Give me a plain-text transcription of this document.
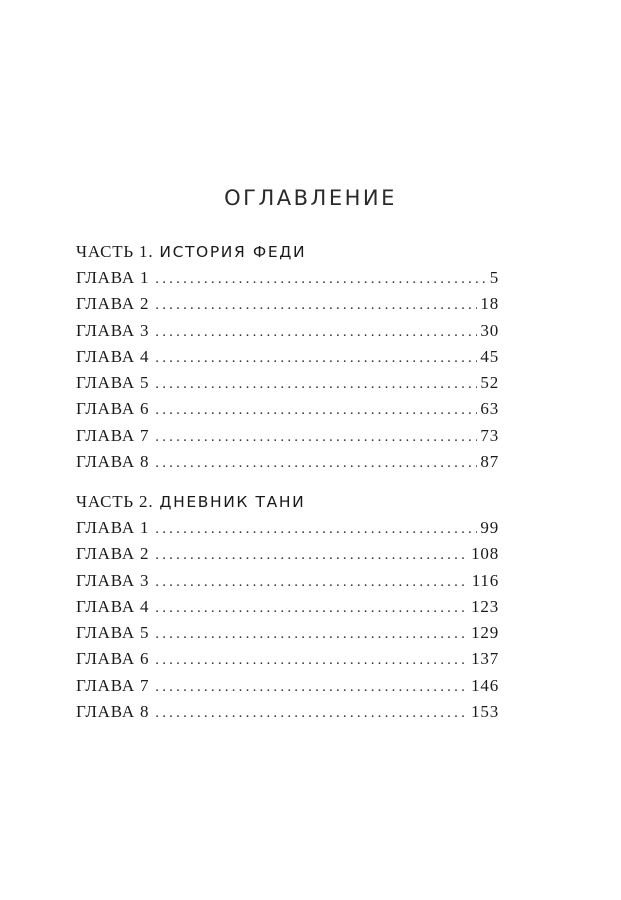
ОГЛАВЛЕНИЕ
ЧАСТЬ 1. ИСТОРИЯ ФЕДИ
ГЛАВА 1 .....	5
ГЛАВА 2 .....	18
ГЛАВА 3 .....	30
ГЛАВА 4 .....	45
ГЛАВА 5 .....	52
ГЛАВА 6 .....	63
ГЛАВА 7 .....	73
ГЛАВА 8 .....	87
ЧАСТЬ 2. ДНЕВНИК ТАНИ
ГЛАВА 1 .....	99
ГЛАВА 2 .....	108
ГЛАВА 3 .....	116
ГЛАВА 4 .....	123
ГЛАВА 5 .....	129
ГЛАВА 6 .....	137
ГЛАВА 7 .....	146
ГЛАВА 8 .....	153
